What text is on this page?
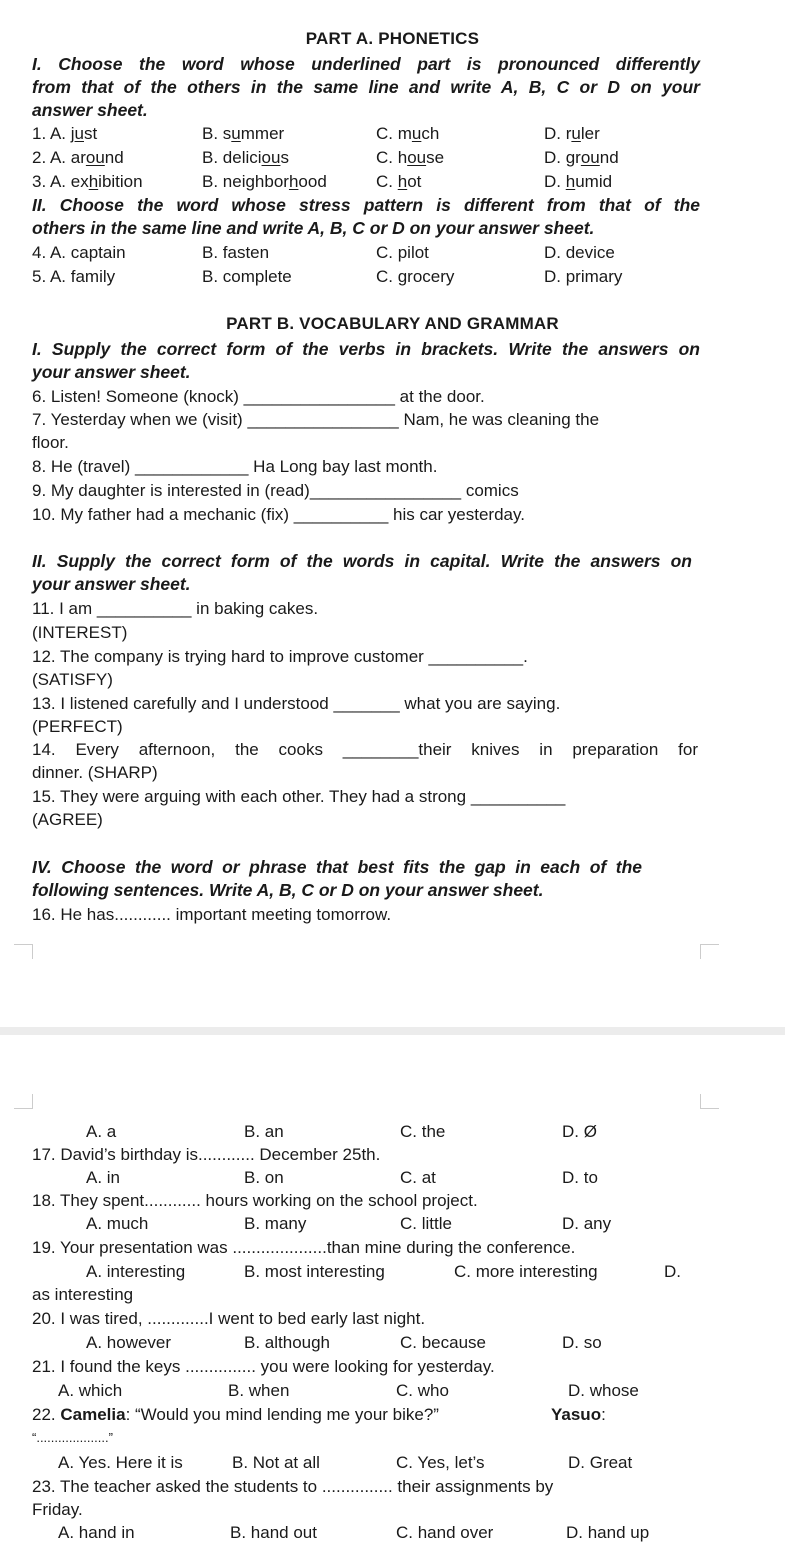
PART A. PHONETICS
I. Choose the word whose underlined part is pronounced differently
from that of the others in the same line and write A, B, C or D on your
answer sheet.
1. A. just	B. summer	C. much	D. ruler
2. A. around	B. delicious	C. house	D. ground
3. A. exhibition	B. neighborhood	C. hot	D. humid
II. Choose the word whose stress pattern is different from that of the
others in the same line and write A, B, C or D on your answer sheet.
4. A. captain	B. fasten	C. pilot	D. device
5. A. family	B. complete	C. grocery	D. primary
PART B. VOCABULARY AND GRAMMAR
I. Supply the correct form of the verbs in brackets. Write the answers on
your answer sheet.
6. Listen! Someone (knock) ________________ at the door.
7. Yesterday when we (visit) ________________ Nam, he was cleaning the
floor.
8. He (travel) ____________ Ha Long bay last month.
9. My daughter is interested in (read)________________ comics
10. My father had a mechanic (fix) __________ his car yesterday.
II. Supply the correct form of the words in capital. Write the answers on
your answer sheet.
11. I am __________ in baking cakes.
(INTEREST)
12. The company is trying hard to improve customer __________.
(SATISFY)
13. I listened carefully and I understood _______ what you are saying.
(PERFECT)
14. Every afternoon, the cooks ________their knives in preparation for
dinner. (SHARP)
15. They were arguing with each other. They had a strong __________
(AGREE)
IV. Choose the word or phrase that best fits the gap in each of the
following sentences. Write A, B, C or D on your answer sheet.
16. He has............ important meeting tomorrow.
A. a	B. an	C. the	D. Ø
17. David’s birthday is............ December 25th.
A. in	B. on	C. at	D. to
18. They spent............ hours working on the school project.
A. much	B. many	C. little	D. any
19. Your presentation was ....................than mine during the conference.
A. interesting	B. most interesting	C. more interesting	D.
as interesting
20. I was tired, .............I went to bed early last night.
A. however	B. although	C. because	D. so
21. I found the keys ............... you were looking for yesterday.
A. which	B. when	C. who	D. whose
22. Camelia: “Would you mind lending me your bike?”	Yasuo:
“....................”
A. Yes. Here it is	B. Not at all	C. Yes, let’s	D. Great
23. The teacher asked the students to ............... their assignments by
Friday.
A. hand in	B. hand out	C. hand over	D. hand up
